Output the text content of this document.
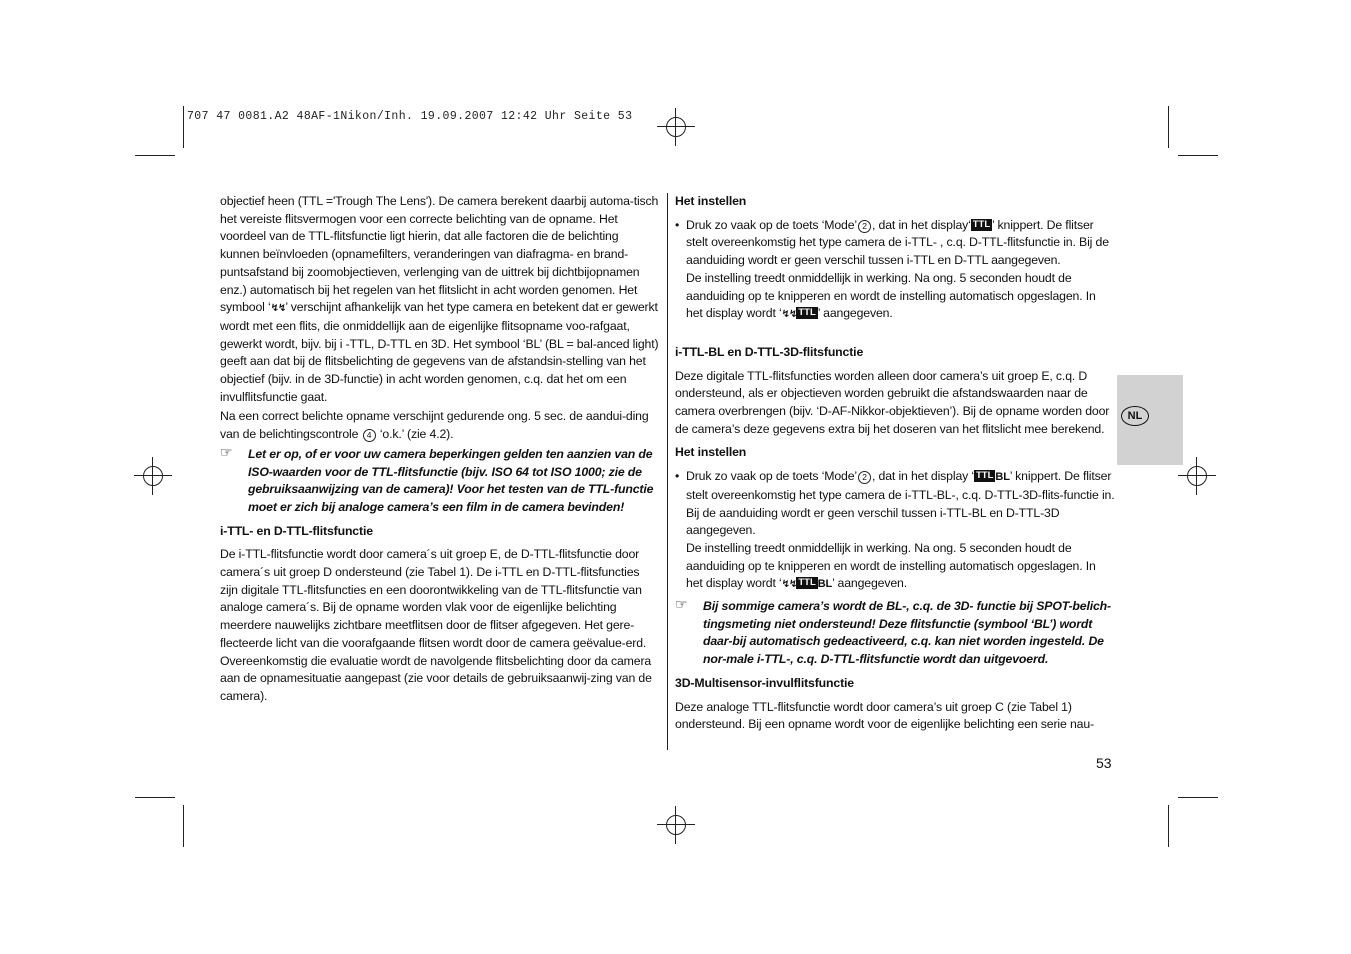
707 47 0081.A2 48AF-1Nikon/Inh. 19.09.2007 12:42 Uhr Seite 53

objectief heen (TTL ='Trough The Lens'). De camera berekent daarbij automa-tisch het vereiste flitsvermogen voor een correcte belichting van de opname. Het voordeel van de TTL-flitsfunctie ligt hierin, dat alle factoren die de belichting kunnen beïnvloeden (opnamefilters, veranderingen van diafragma- en brand-puntsafstand bij zoomobjectieven, verlenging van de uittrek bij dichtbijopnamen enz.) automatisch bij het regelen van het flitslicht in acht worden genomen. Het symbool ‘↯↯’ verschijnt afhankelijk van het type camera en betekent dat er gewerkt wordt met een flits, die onmiddellijk aan de eigenlijke flitsopname voo-rafgaat, gewerkt wordt, bijv. bij i -TTL, D-TTL en 3D. Het symbool ‘BL’ (BL = bal-anced light) geeft aan dat bij de flitsbelichting de gegevens van de afstandsin-stelling van het objectief (bijv. in de 3D-functie) in acht worden genomen, c.q. dat het om een invulflitsfunctie gaat.

Na een correct belichte opname verschijnt gedurende ong. 5 sec. de aandui-ding van de belichtingscontrole 4 ‘o.k.’ (zie 4.2).

☞ Let er op, of er voor uw camera beperkingen gelden ten aanzien van de ISO-waarden voor de TTL-flitsfunctie (bijv. ISO 64 tot ISO 1000; zie de gebruiksaanwijzing van de camera)! Voor het testen van de TTL-functie moet er zich bij analoge camera’s een film in de camera bevinden!
i-TTL- en D-TTL-flitsfunctie

De i-TTL-flitsfunctie wordt door camera´s uit groep E, de D-TTL-flitsfunctie door camera´s uit groep D ondersteund (zie Tabel 1). De i-TTL en D-TTL-flitsfuncties zijn digitale TTL-flitsfuncties en een doorontwikkeling van de TTL-flitsfunctie van analoge camera´s. Bij de opname worden vlak voor de eigenlijke belichting meerdere nauwelijks zichtbare meetflitsen door de flitser afgegeven. Het gere-flecteerde licht van die voorafgaande flitsen wordt door de camera geëvalue-erd. Overeenkomstig die evaluatie wordt de navolgende flitsbelichting door da camera aan de opnamesituatie aangepast (zie voor details de gebruiksaanwij-zing van de camera).

Het instellen
• Druk zo vaak op de toets ‘Mode’ 2 , dat in het display‘ TTL ’ knippert. De flitser stelt overeenkomstig het type camera de i-TTL- , c.q. D-TTL-flitsfunctie in. Bij de aanduiding wordt er geen verschil tussen i-TTL en D-TTL aangegeven.
De instelling treedt onmiddellijk in werking. Na ong. 5 seconden houdt de aanduiding op te knipperen en wordt de instelling automatisch opgeslagen. In het display wordt ‘↯↯ TTL ’ aangegeven.
i-TTL-BL en D-TTL-3D-flitsfunctie

Deze digitale TTL-flitsfuncties worden alleen door camera’s uit groep E, c.q. D ondersteund, als er objectieven worden gebruikt die afstandswaarden naar de camera overbrengen (bijv. ‘D-AF-Nikkor-objektieven’). Bij de opname worden door de camera’s deze gegevens extra bij het doseren van het flitslicht mee berekend.

Het instellen
• Druk zo vaak op de toets ‘Mode’ 2 , dat in het display ‘ TTL BL’ knippert. De flitser stelt overeenkomstig het type camera de i-TTL-BL-, c.q. D-TTL-3D-flits-functie in. Bij de aanduiding wordt er geen verschil tussen i-TTL-BL en D-TTL-3D aangegeven.
De instelling treedt onmiddellijk in werking. Na ong. 5 seconden houdt de aanduiding op te knipperen en wordt de instelling automatisch opgeslagen. In het display wordt ‘↯↯ TTL BL’ aangegeven.
☞ Bij sommige camera’s wordt de BL-, c.q. de 3D- functie bij SPOT-belich-tingsmeting niet ondersteund! Deze flitsfunctie (symbool ‘BL’) wordt daar-bij automatisch gedeactiveerd, c.q. kan niet worden ingesteld. De nor-male i-TTL-, c.q. D-TTL-flitsfunctie wordt dan uitgevoerd.
3D-Multisensor-invulflitsfunctie

Deze analoge TTL-flitsfunctie wordt door camera’s uit groep C (zie Tabel 1) ondersteund. Bij een opname wordt voor de eigenlijke belichting een serie nau-

NL
53
